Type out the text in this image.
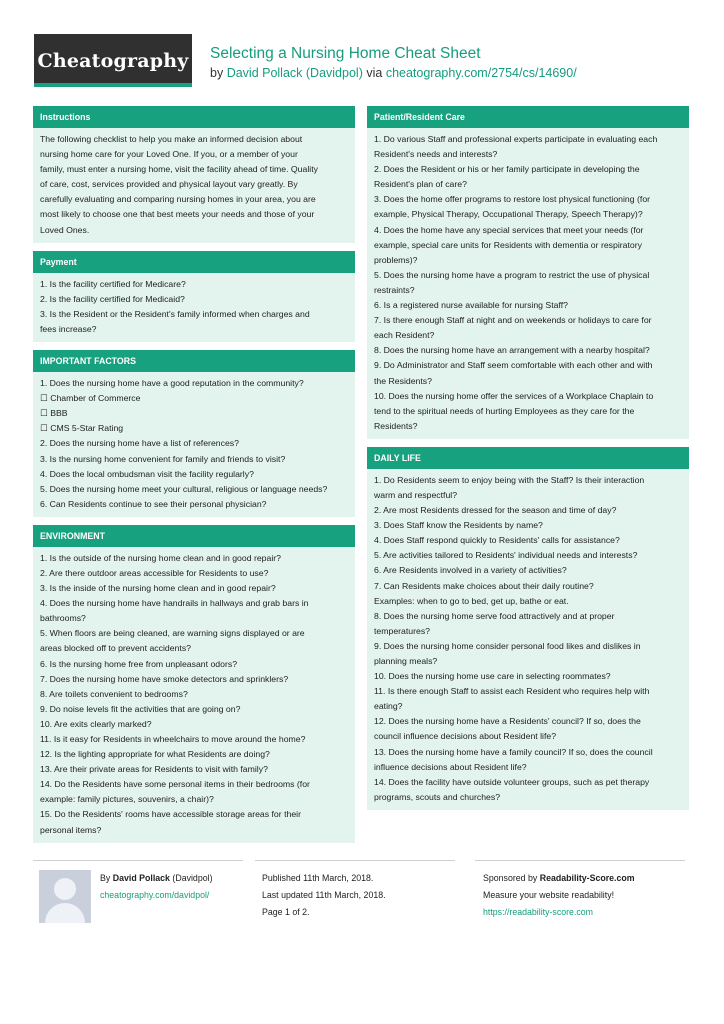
Cheatography Selecting a Nursing Home Cheat Sheet
by David Pollack (Davidpol) via cheatography.com/2754/cs/14690/
Instructions
The following checklist to help you make an informed decision about
nursing home care for your Loved One. If you, or a member of your
family, must enter a nursing home, visit the facility ahead of time. Quality
of care, cost, services provided and physical layout vary greatly. By
carefully evaluating and comparing nursing homes in your area, you are
most likely to choose one that best meets your needs and those of your
Loved Ones.
Payment
1. Is the facility certified for Medicare?
2. Is the facility certified for Medicaid?
3. Is the Resident or the Resident's family informed when charges and
fees increase?
IMPORTANT FACTORS
1. Does the nursing home have a good reputation in the community?
☐ Chamber of Commerce
☐ BBB
☐ CMS 5-Star Rating
2. Does the nursing home have a list of references?
3. Is the nursing home convenient for family and friends to visit?
4. Does the local ombudsman visit the facility regularly?
5. Does the nursing home meet your cultural, religious or language needs?
6. Can Residents continue to see their personal physician?
ENVIRONMENT
1. Is the outside of the nursing home clean and in good repair?
2. Are there outdoor areas accessible for Residents to use?
3. Is the inside of the nursing home clean and in good repair?
4. Does the nursing home have handrails in hallways and grab bars in
bathrooms?
5. When floors are being cleaned, are warning signs displayed or are
areas blocked off to prevent accidents?
6. Is the nursing home free from unpleasant odors?
7. Does the nursing home have smoke detectors and sprinklers?
8. Are toilets convenient to bedrooms?
9. Do noise levels fit the activities that are going on?
10. Are exits clearly marked?
11. Is it easy for Residents in wheelchairs to move around the home?
12. Is the lighting appropriate for what Residents are doing?
13. Are their private areas for Residents to visit with family?
14. Do the Residents have some personal items in their bedrooms (for
example: family pictures, souvenirs, a chair)?
15. Do the Residents' rooms have accessible storage areas for their
personal items?
Patient/Resident Care
1. Do various Staff and professional experts participate in evaluating each
Resident's needs and interests?
2. Does the Resident or his or her family participate in developing the
Resident's plan of care?
3. Does the home offer programs to restore lost physical functioning (for
example, Physical Therapy, Occupational Therapy, Speech Therapy)?
4. Does the home have any special services that meet your needs (for
example, special care units for Residents with dementia or respiratory
problems)?
5. Does the nursing home have a program to restrict the use of physical
restraints?
6. Is a registered nurse available for nursing Staff?
7. Is there enough Staff at night and on weekends or holidays to care for
each Resident?
8. Does the nursing home have an arrangement with a nearby hospital?
9. Do Administrator and Staff seem comfortable with each other and with
the Residents?
10. Does the nursing home offer the services of a Workplace Chaplain to
tend to the spiritual needs of hurting Employees as they care for the
Residents?
DAILY LIFE
1. Do Residents seem to enjoy being with the Staff? Is their interaction
warm and respectful?
2. Are most Residents dressed for the season and time of day?
3. Does Staff know the Residents by name?
4. Does Staff respond quickly to Residents' calls for assistance?
5. Are activities tailored to Residents' individual needs and interests?
6. Are Residents involved in a variety of activities?
7. Can Residents make choices about their daily routine?
Examples: when to go to bed, get up, bathe or eat.
8. Does the nursing home serve food attractively and at proper
temperatures?
9. Does the nursing home consider personal food likes and dislikes in
planning meals?
10. Does the nursing home use care in selecting roommates?
11. Is there enough Staff to assist each Resident who requires help with
eating?
12. Does the nursing home have a Residents' council? If so, does the
council influence decisions about Resident life?
13. Does the nursing home have a family council? If so, does the council
influence decisions about Resident life?
14. Does the facility have outside volunteer groups, such as pet therapy
programs, scouts and churches?
By David Pollack (Davidpol)
cheatography.com/davidpol/
Published 11th March, 2018.
Last updated 11th March, 2018.
Page 1 of 2.
Sponsored by Readability-Score.com
Measure your website readability!
https://readability-score.com
